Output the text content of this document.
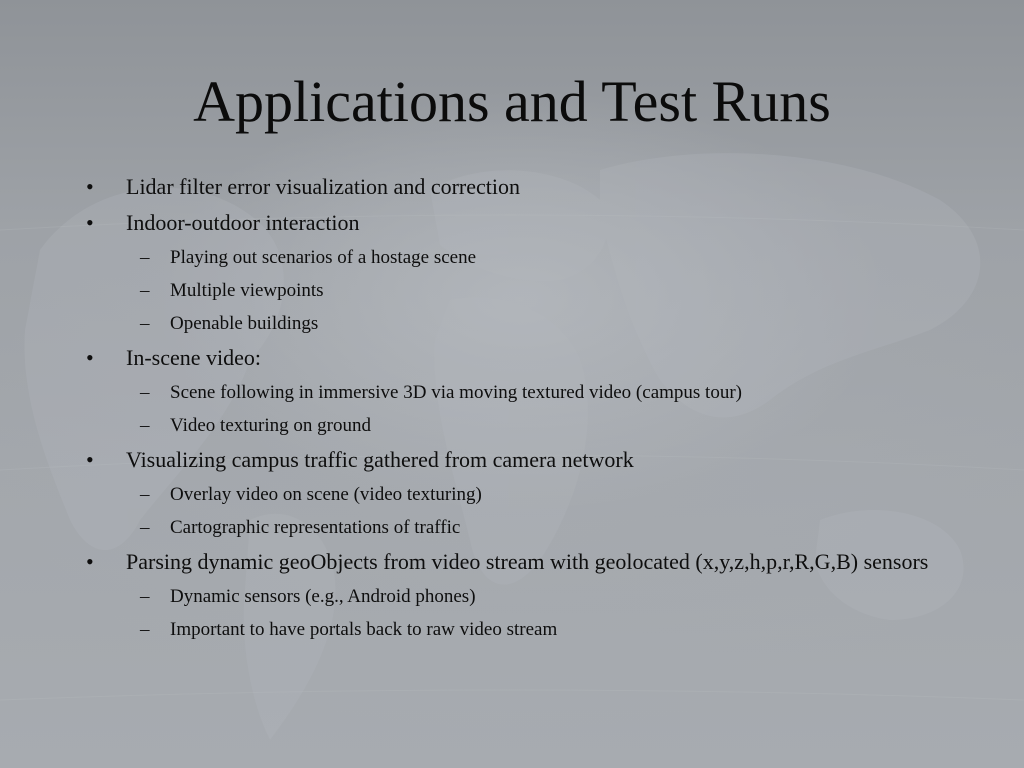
Applications and Test Runs
• Lidar filter error visualization and correction
• Indoor-outdoor interaction
– Playing out scenarios of a hostage scene
– Multiple viewpoints
– Openable buildings
• In-scene video:
– Scene following in immersive 3D via moving textured video (campus tour)
– Video texturing on ground
• Visualizing campus traffic gathered from camera network
– Overlay video on scene (video texturing)
– Cartographic representations of traffic
• Parsing dynamic geoObjects from video stream with geolocated (x,y,z,h,p,r,R,G,B) sensors
– Dynamic sensors (e.g., Android phones)
– Important to have portals back to raw video stream
